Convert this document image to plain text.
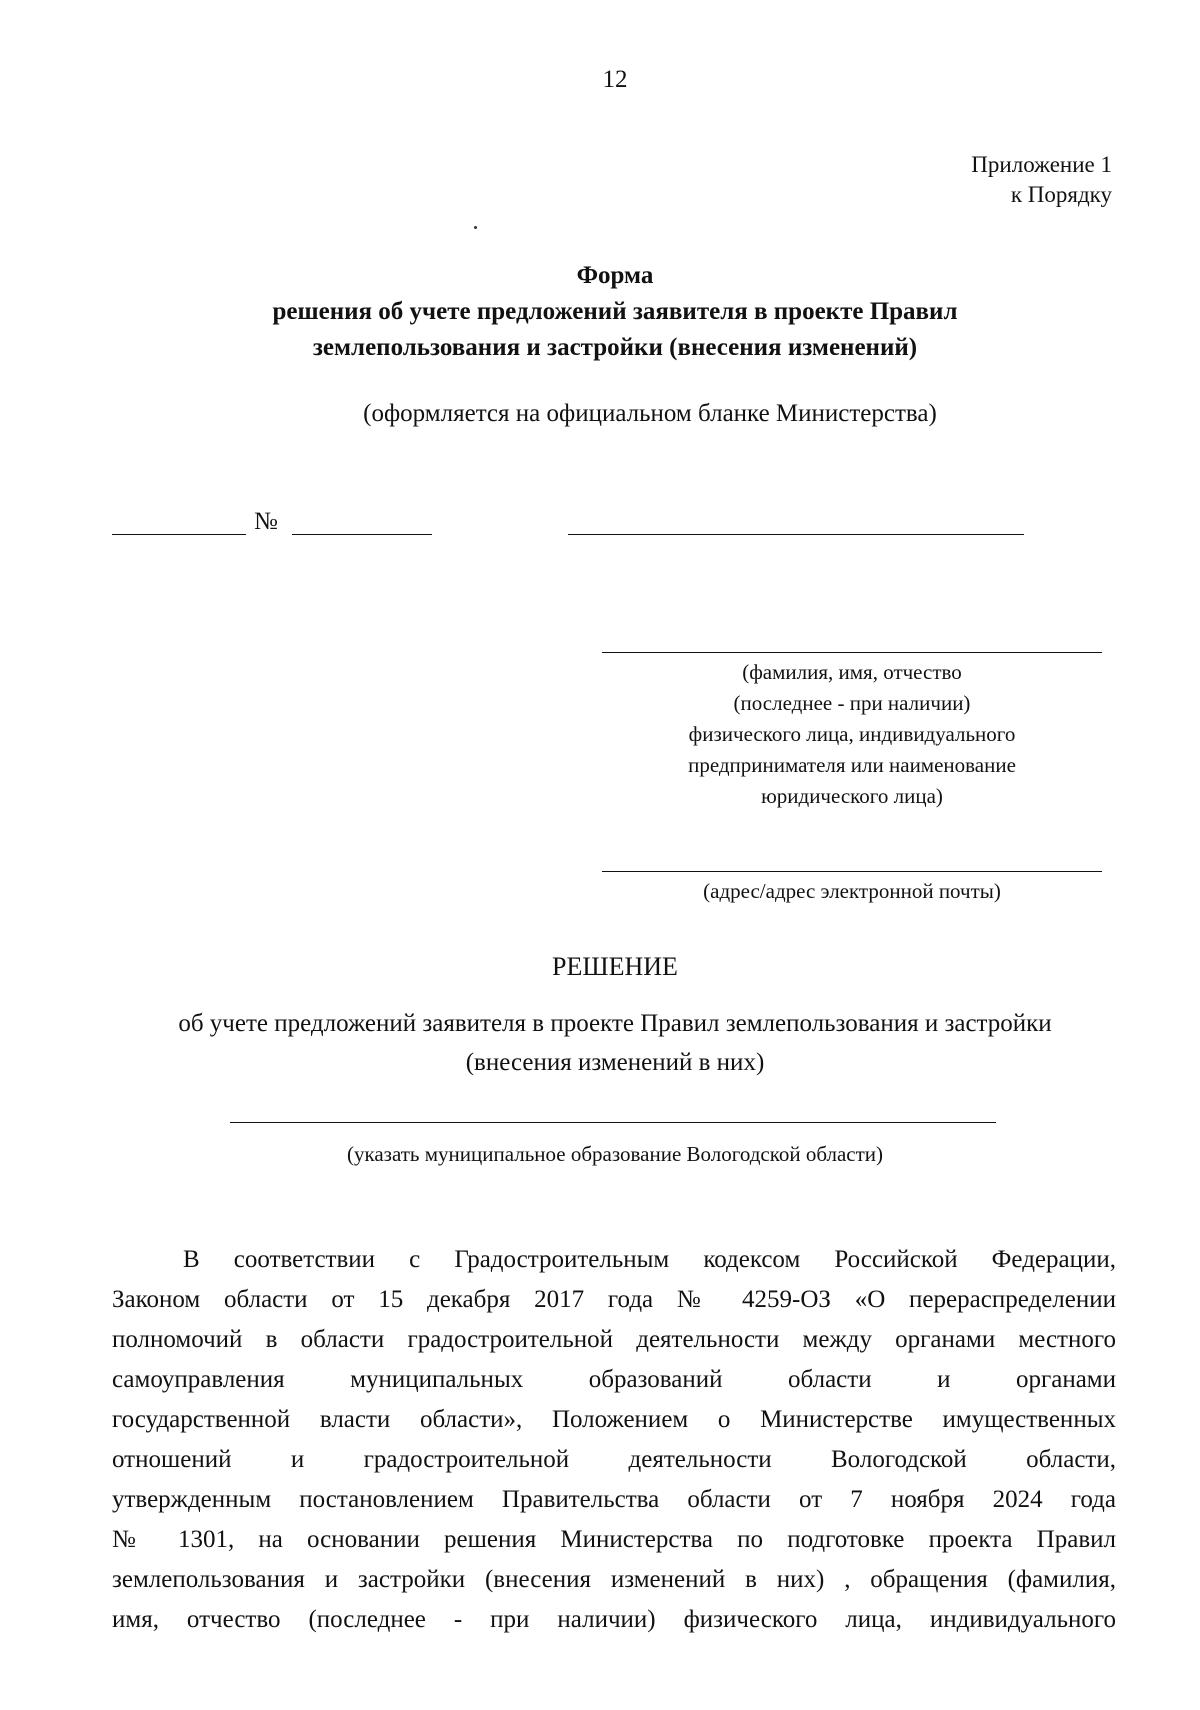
12
Приложение 1
к Порядку
Форма
решения об учете предложений заявителя в проекте Правил
землепользования и застройки (внесения изменений)
(оформляется на официальном бланке Министерства)
№
(фамилия, имя, отчество
(последнее - при наличии)
физического лица, индивидуального
предпринимателя или наименование
юридического лица)
(адрес/адрес электронной почты)
РЕШЕНИЕ
об учете предложений заявителя в проекте Правил землепользования и застройки
(внесения изменений в них)
(указать муниципальное образование Вологодской области)
В соответствии с Градостроительным кодексом Российской Федерации,
Законом области от 15 декабря 2017 года № 4259-ОЗ «О перераспределении
полномочий в области градостроительной деятельности между органами местного
самоуправления муниципальных образований области и органами
государственной власти области», Положением о Министерстве имущественных
отношений и градостроительной деятельности Вологодской области,
утвержденным постановлением Правительства области от 7 ноября 2024 года
№ 1301, на основании решения Министерства по подготовке проекта Правил
землепользования и застройки (внесения изменений в них) , обращения (фамилия,
имя, отчество (последнее - при наличии) физического лица, индивидуального
